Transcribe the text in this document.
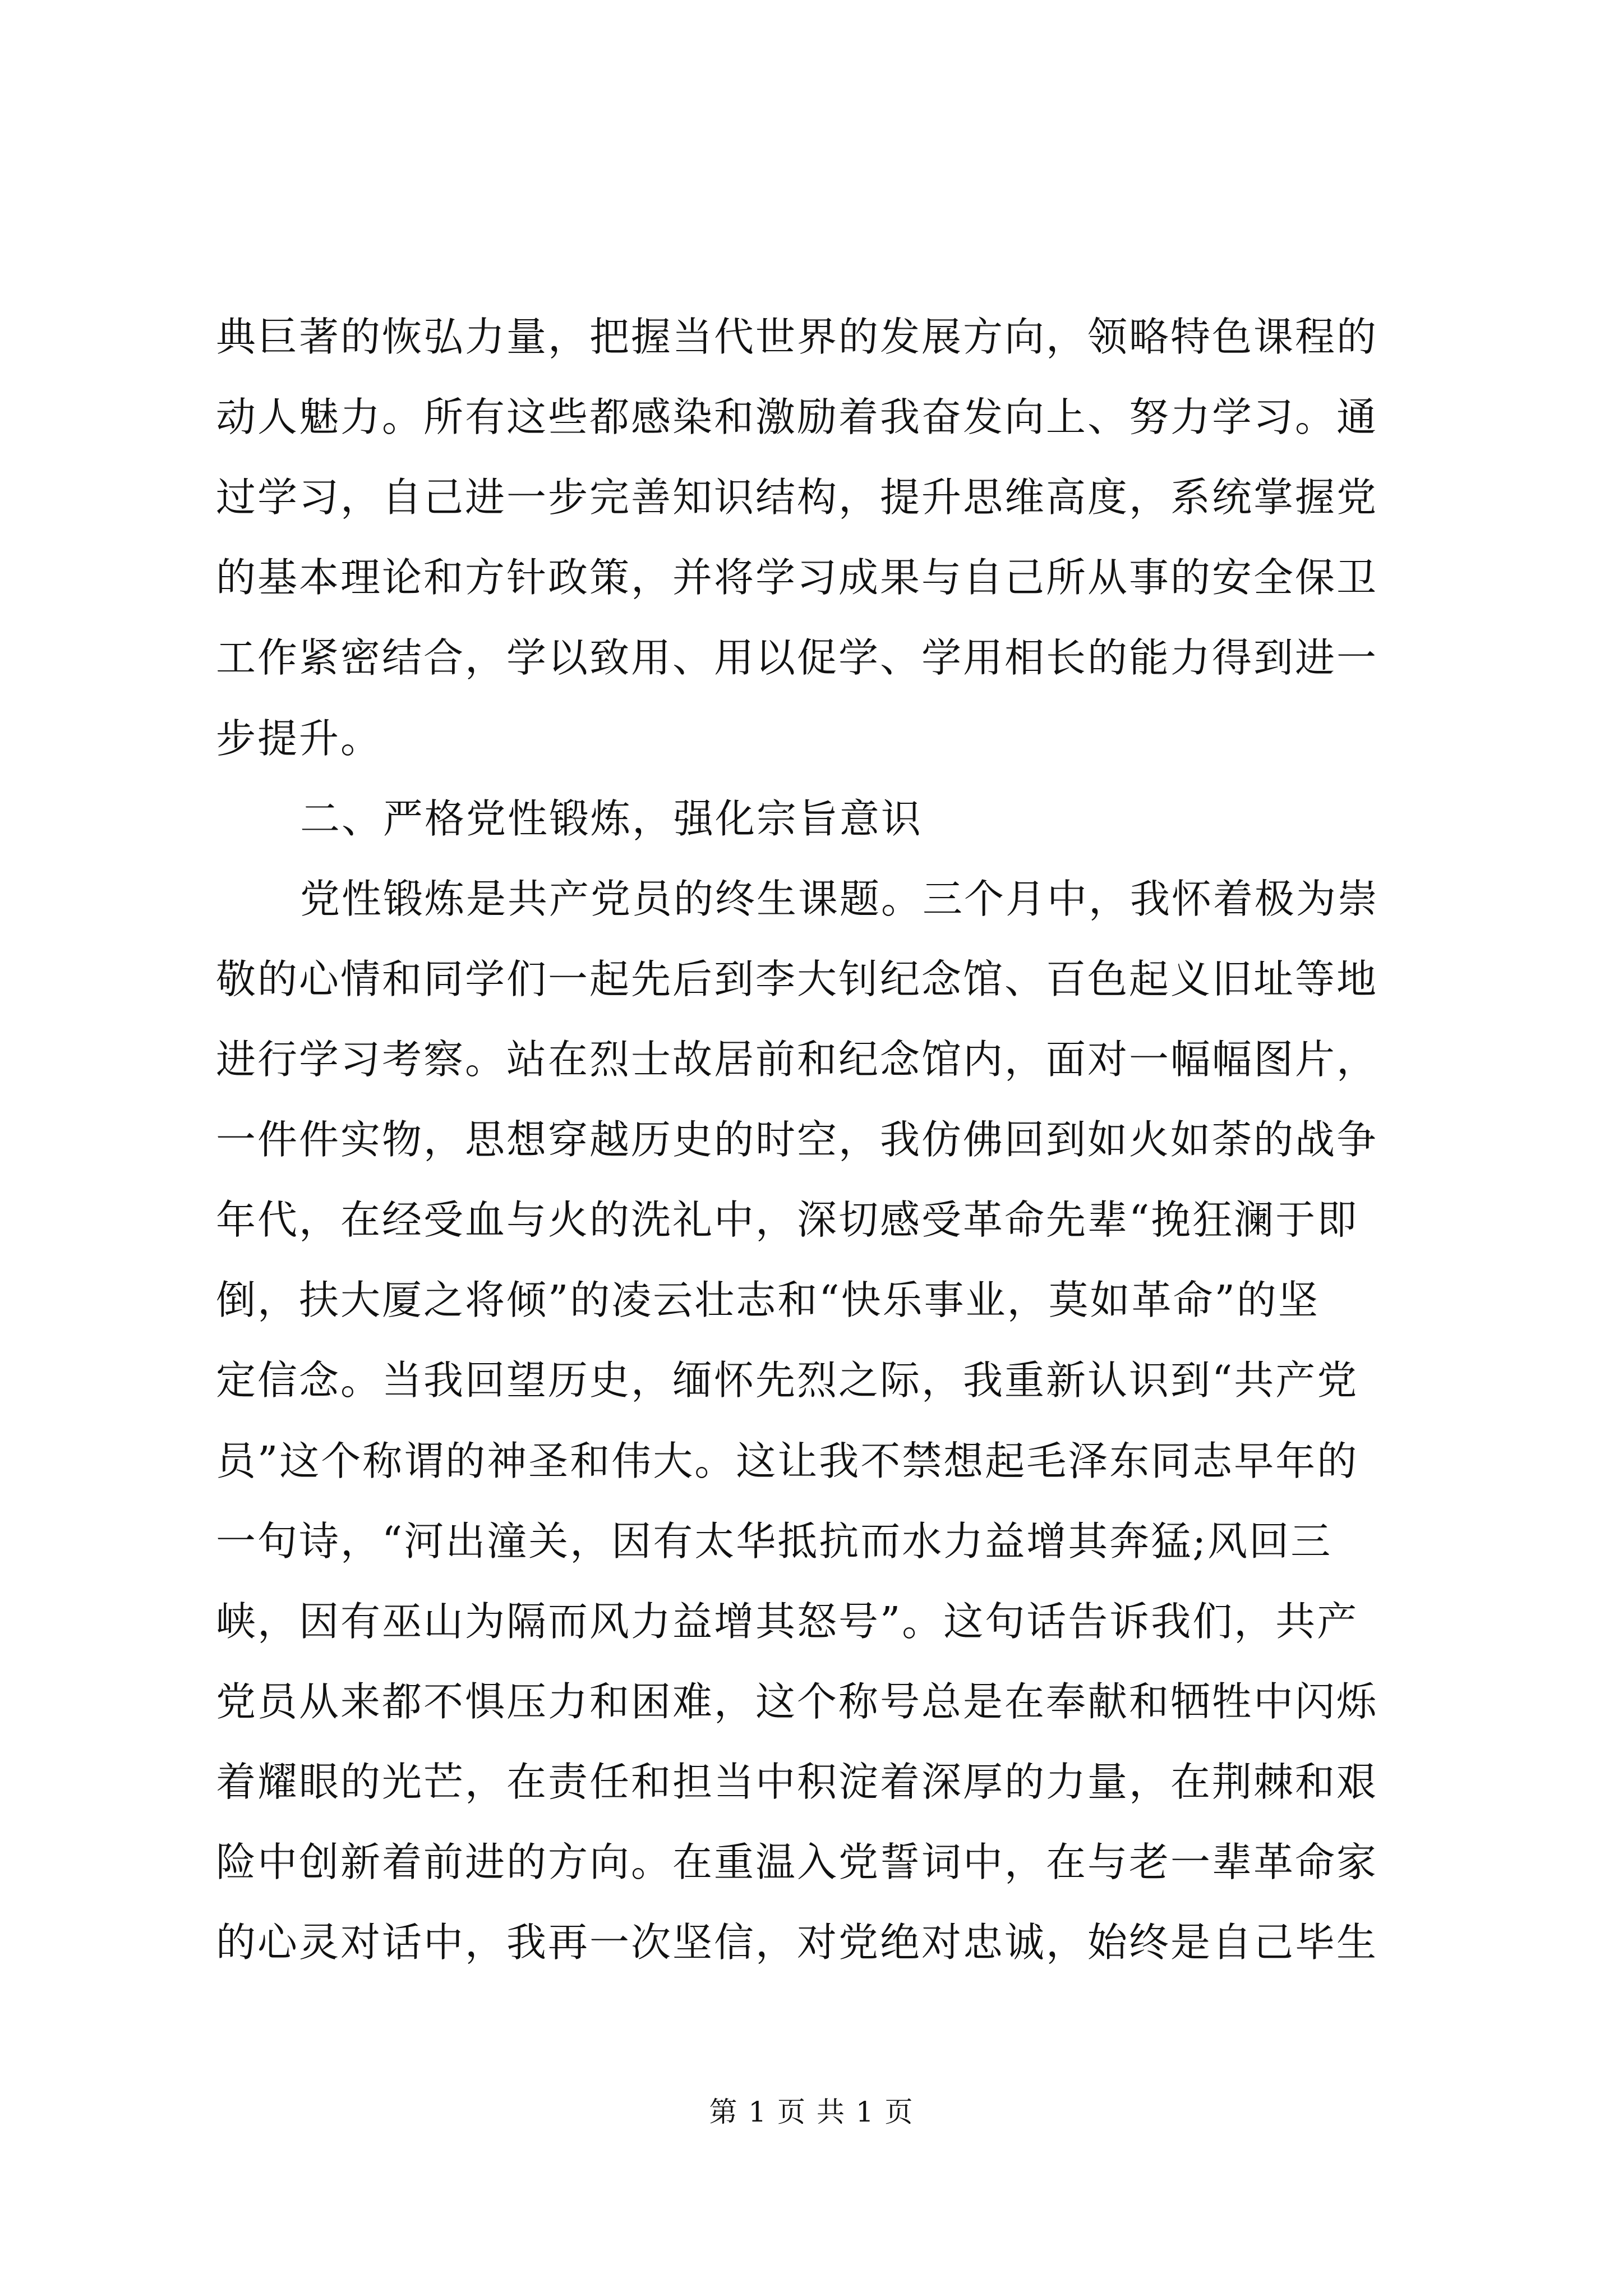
典巨著的恢弘力量，把握当代世界的发展方向，领略特色课程的
动人魅力。所有这些都感染和激励着我奋发向上、努力学习。通
过学习，自己进一步完善知识结构，提升思维高度，系统掌握党
的基本理论和方针政策，并将学习成果与自己所从事的安全保卫
工作紧密结合，学以致用、用以促学、学用相长的能力得到进一
步提升。
二、严格党性锻炼，强化宗旨意识
党性锻炼是共产党员的终生课题。三个月中，我怀着极为崇
敬的心情和同学们一起先后到李大钊纪念馆、百色起义旧址等地
进行学习考察。站在烈士故居前和纪念馆内，面对一幅幅图片，
一件件实物，思想穿越历史的时空，我仿佛回到如火如荼的战争
年代，在经受血与火的洗礼中，深切感受革命先辈“挽狂澜于即
倒，扶大厦之将倾”的凌云壮志和“快乐事业，莫如革命”的坚
定信念。当我回望历史，缅怀先烈之际，我重新认识到“共产党
员”这个称谓的神圣和伟大。这让我不禁想起毛泽东同志早年的
一句诗，“河出潼关，因有太华抵抗而水力益增其奔猛;风回三
峡，因有巫山为隔而风力益增其怒号”。这句话告诉我们，共产
党员从来都不惧压力和困难，这个称号总是在奉献和牺牲中闪烁
着耀眼的光芒，在责任和担当中积淀着深厚的力量，在荆棘和艰
险中创新着前进的方向。在重温入党誓词中，在与老一辈革命家
的心灵对话中，我再一次坚信，对党绝对忠诚，始终是自己毕生
第 1 页 共 1 页
